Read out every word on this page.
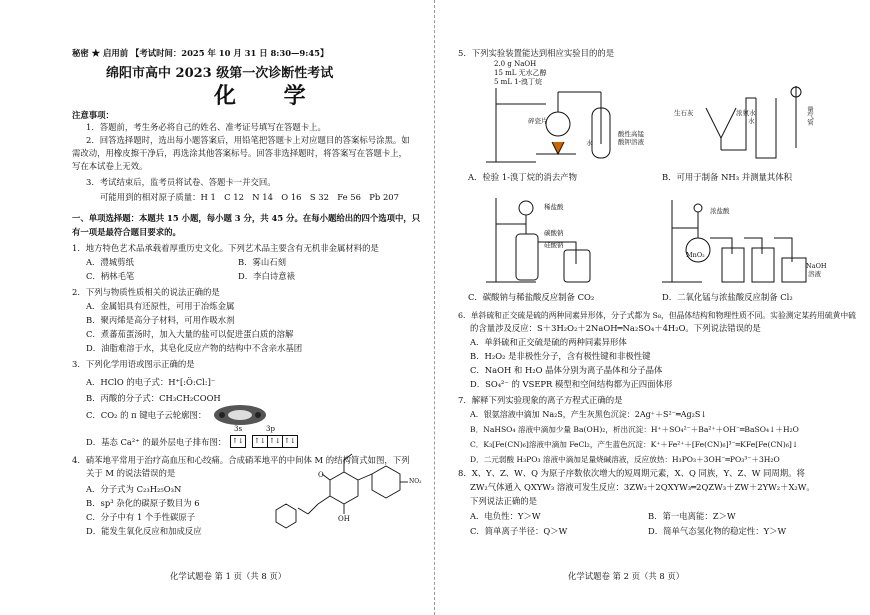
秘密 ★ 启用前 【考试时间：2025 年 10 月 31 日 8:30—9:45】
绵阳市高中 2023 级第一次诊断性考试
化 学
注意事项：
1．答题前，考生务必将自己的姓名、准考证号填写在答题卡上。
2．回答选择题时，选出每小题答案后，用铅笔把答题卡上对应题目的答案标号涂黑。如
需改动，用橡皮擦干净后，再选涂其他答案标号。回答非选择题时，将答案写在答题卡上，
写在本试卷上无效。
3．考试结束后，监考员将试卷、答题卡一并交回。
可能用到的相对原子质量：H 1　C 12　N 14　O 16　S 32　Fe 56　Pb 207
一、单项选择题：本题共 15 小题，每小题 3 分，共 45 分。在每小题给出的四个选项中，只
有一项是最符合题目要求的。
1．地方特色艺术品承载着厚重历史文化。下列艺术品主要含有无机非金属材料的是
A．澧城剪纸	B．雾山石刻
C．柄林毛笔	D．李白诗意裱
2．下列与物质性质相关的说法正确的是
A．金属铝具有还原性，可用于冶炼金属
B．聚丙烯是高分子材料，可用作吸水剂
C．煮蕃茄蛋汤时，加入大量的盐可以促进蛋白质的溶解
D．油脂难溶于水，其皂化反应产物的结构中不含亲水基团
3．下列化学用语或图示正确的是
A．HClO 的电子式：H⁺[:Ö:Cl:]⁻
B．丙酸的分子式：CH₃CH₂COOH
C．CO₂ 的 π 键电子云轮廓图：
D．基态 Ca²⁺ 的最外层电子排布图：
3s	3p
↑↓	↑↓ ↑↓ ↑↓
4．硝苯地平常用于治疗高血压和心绞痛。合成硝苯地平的中间体 M 的结构简式如图，下列
关于 M 的说法错误的是
A．分子式为 C₂₃H₂₅O₃N
B．sp³ 杂化的碳原子数目为 6
C．分子中有 1 个手性碳原子
D．能发生氧化反应和加成反应
NO₂
OH
O
化学试题卷 第 1 页（共 8 页）
5．下列实验装置能达到相应实验目的的是
2.0 g NaOH
15 mL 无水乙醇
5 mL 1-溴丁烷
碎瓷片
水
酸性高锰
酸钾溶液
生石灰	浓氨水
水	量气管
A．检验 1-溴丁烷的消去产物	B．可用于制备 NH₃ 并测量其体积
稀盐酸
碳酸钠
硅酸钠
浓盐酸
MnO₂
NaOH
溶液
C．碳酸钠与稀盐酸反应制备 CO₂	D．二氧化锰与浓盐酸反应制备 Cl₂
6．单斜硫和正交硫是硫的两种同素异形体，分子式都为 S₈，但晶体结构和物理性质不同。实验测定某药用硫黄中硫
的含量涉及反应：S＋3H₂O₂＋2NaOH═Na₂SO₄＋4H₂O。下列说法错误的是
A．单斜硫和正交硫是硫的两种同素异形体
B．H₂O₂ 是非极性分子，含有极性键和非极性键
C．NaOH 和 H₂O 晶体分别为离子晶体和分子晶体
D．SO₄²⁻ 的 VSEPR 模型和空间结构都为正四面体形
7．解释下列实验现象的离子方程式正确的是
A．银氨溶液中滴加 Na₂S，产生灰黑色沉淀：2Ag⁺＋S²⁻═Ag₂S↓
B．NaHSO₄ 溶液中滴加少量 Ba(OH)₂，析出沉淀：H⁺＋SO₄²⁻＋Ba²⁺＋OH⁻═BaSO₄↓＋H₂O
C．K₃[Fe(CN)₆]溶液中滴加 FeCl₂，产生蓝色沉淀：K⁺＋Fe²⁺＋[Fe(CN)₆]³⁻═KFe[Fe(CN)₆]↓
D．二元弱酸 H₃PO₃ 溶液中滴加足量烧碱溶液，反应放热：H₃PO₃＋3OH⁻═PO₃³⁻＋3H₂O
8．X、Y、Z、W、Q 为原子序数依次增大的短周期元素，X、Q 同族，Y、Z、W 同周期。将
ZW₂气体通入 QXYW₃ 溶液可发生反应：3ZW₂＋2QXYW₃═2QZW₃＋ZW＋2YW₂＋X₂W。
下列说法正确的是
A．电负性：Y＞W	B．第一电离能：Z＞W
C．简单离子半径：Q＞W	D．简单气态氢化物的稳定性：Y＞W
化学试题卷 第 2 页（共 8 页）
